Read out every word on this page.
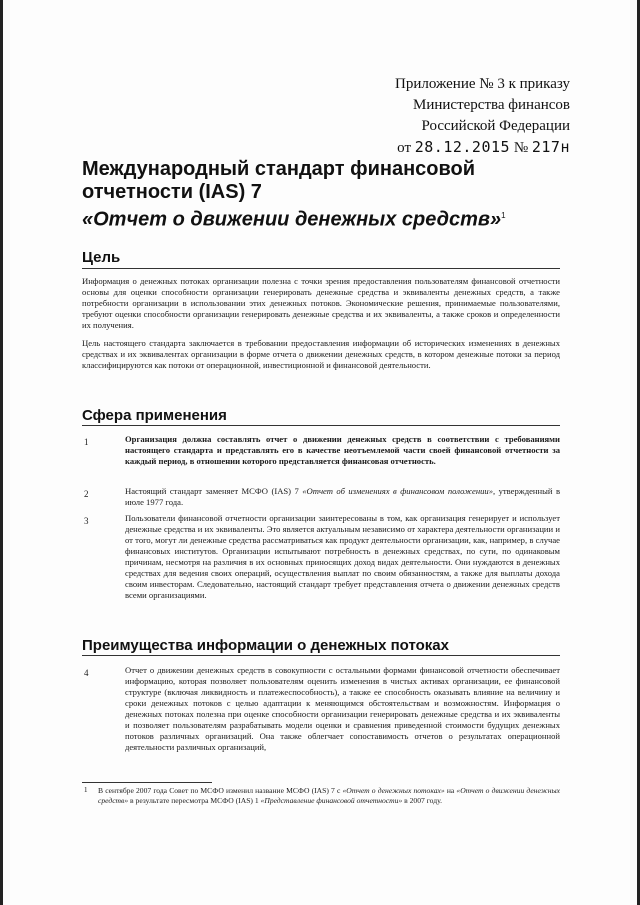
Приложение № 3 к приказу
Министерства финансов
Российской Федерации
от 28.12.2015 № 217н
Международный стандарт финансовой
отчетности (IAS) 7
«Отчет о движении денежных средств»$^1$
Цель
Информация о денежных потоках организации полезна с точки зрения предоставления пользователям финансовой отчетности основы для оценки способности организации генерировать денежные средства и эквиваленты денежных средств, а также потребности организации в использовании этих денежных потоков. Экономические решения, принимаемые пользователями, требуют оценки способности организации генерировать денежные средства и их эквиваленты, а также сроков и определенности их получения.
Цель настоящего стандарта заключается в требовании предоставления информации об исторических изменениях в денежных средствах и их эквивалентах организации в форме отчета о движении денежных средств, в котором денежные потоки за период классифицируются как потоки от операционной, инвестиционной и финансовой деятельности.
Сфера применения
1	Организация должна составлять отчет о движении денежных средств в соответствии с требованиями настоящего стандарта и представлять его в качестве неотъемлемой части своей финансовой отчетности за каждый период, в отношении которого представляется финансовая отчетность.
2	Настоящий стандарт заменяет МСФО (IAS) 7 «Отчет об изменениях в финансовом положении», утвержденный в июле 1977 года.
3	Пользователи финансовой отчетности организации заинтересованы в том, как организация генерирует и использует денежные средства и их эквиваленты. Это является актуальным независимо от характера деятельности организации и от того, могут ли денежные средства рассматриваться как продукт деятельности организации, как, например, в случае финансовых институтов. Организации испытывают потребность в денежных средствах, по сути, по одинаковым причинам, несмотря на различия в их основных приносящих доход видах деятельности. Они нуждаются в денежных средствах для ведения своих операций, осуществления выплат по своим обязанностям, а также для выплаты дохода своим инвесторам. Следовательно, настоящий стандарт требует представления отчета о движении денежных средств всеми организациями.
Преимущества информации о денежных потоках
4	Отчет о движении денежных средств в совокупности с остальными формами финансовой отчетности обеспечивает информацию, которая позволяет пользователям оценить изменения в чистых активах организации, ее финансовой структуре (включая ликвидность и платежеспособность), а также ее способность оказывать влияние на величину и сроки денежных потоков с целью адаптации к меняющимся обстоятельствам и возможностям. Информация о денежных потоках полезна при оценке способности организации генерировать денежные средства и их эквиваленты и позволяет пользователям разрабатывать модели оценки и сравнения приведенной стоимости будущих денежных потоков различных организаций. Она также облегчает сопоставимость отчетов о результатах операционной деятельности различных организаций,
1 В сентябре 2007 года Совет по МСФО изменил название МСФО (IAS) 7 с «Отчет о денежных потоках» на «Отчет о движении денежных средств» в результате пересмотра МСФО (IAS) 1 «Представление финансовой отчетности» в 2007 году.
